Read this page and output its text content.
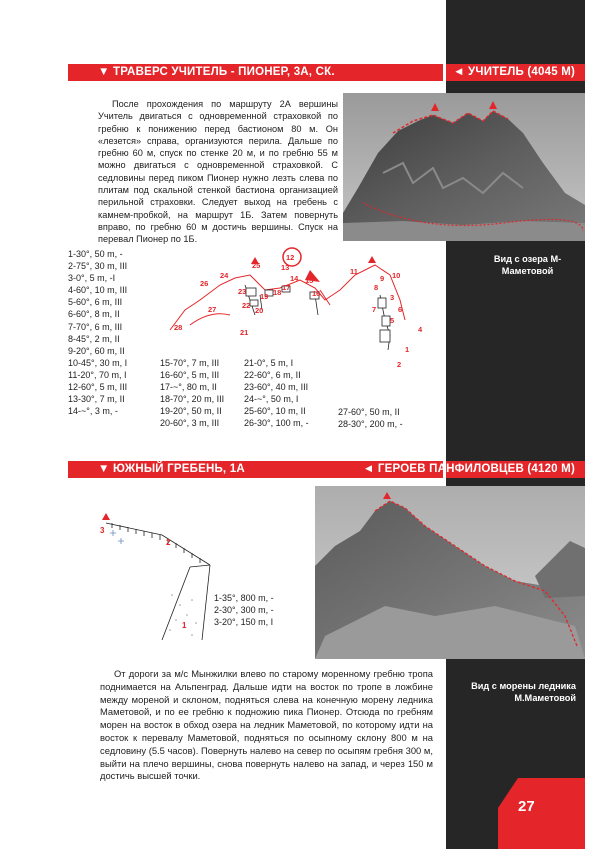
▼ ТРАВЕРС УЧИТЕЛЬ - ПИОНЕР, 3А, СК.	◄ УЧИТЕЛЬ (4045 М)
После прохождения по маршруту 2А вершины Учитель двигаться с одновременной страховкой по гребню к понижению перед бастионом 80 м. Он «лезется» справа, организуются перила. Дальше по гребню 60 м, спуск по стенке 20 м, и по гребню 55 м можно двигаться с одновременной страховкой. С седловины перед пиком Пионер нужно лезть слева по плитам под скальной стенкой бастиона организацией перильной страховки. Следует выход на гребень с камнем-пробкой, на маршрут 1Б. Затем повернуть вправо, по гребню 60 м достичь вершины. Спуск на перевал Пионер по 1Б.
Вид с озера М-Маметовой
1
2
3
4
5
6
7
8
9 10
11
12
13
14 15
16
17
18
19
20
21
22
23
24
25
26
27
28
1-30°, 50 m, -
2-75°, 30 m, III
3-0°, 5 m, -I
4-60°, 10 m, III
5-60°, 6 m, III
6-60°, 8 m, II
7-70°, 6 m, III
8-45°, 2 m, II
9-20°, 60 m, II
10-45°, 30 m, I
11-20°, 70 m, I
12-60°, 5 m, III
13-30°, 7 m, II
14-~°, 3 m, -
15-70°, 7 m, III
16-60°, 5 m, III
17-~°, 80 m, II
18-70°, 20 m, III
19-20°, 50 m, II
20-60°, 3 m, III
21-0°, 5 m, I
22-60°, 6 m, II
23-60°, 40 m, III
24-~°, 50 m, I
25-60°, 10 m, II
26-30°, 100 m, -
27-60°, 50 m, II
28-30°, 200 m, -
▼ ЮЖНЫЙ ГРЕБЕНЬ, 1А	◄ ГЕРОЕВ ПАНФИЛОВЦЕВ (4120 М)
1
2
3
1-35°, 800 m, -
2-30°, 300 m, -
3-20°, 150 m, I
Вид с морены ледника М.Маметовой
От дороги за м/с Мынжилки влево по старому моренному гребню тропа поднимается на Альпенград. Дальше идти на восток по тропе в ложбине между мореной и склоном, подняться слева на конечную морену ледника Маметовой, и по ее гребню к подножию пика Пионер. Отсюда по гребням морен на восток в обход озера на ледник Маметовой, по которому идти на восток к перевалу Маметовой, подняться по осыпному склону 800 м на седловину (5.5 часов). Повернуть налево на север по осыпям гребня 300 м, выйти на плечо вершины, снова повернуть налево на запад, и через 150 м достичь высшей точки.
27
